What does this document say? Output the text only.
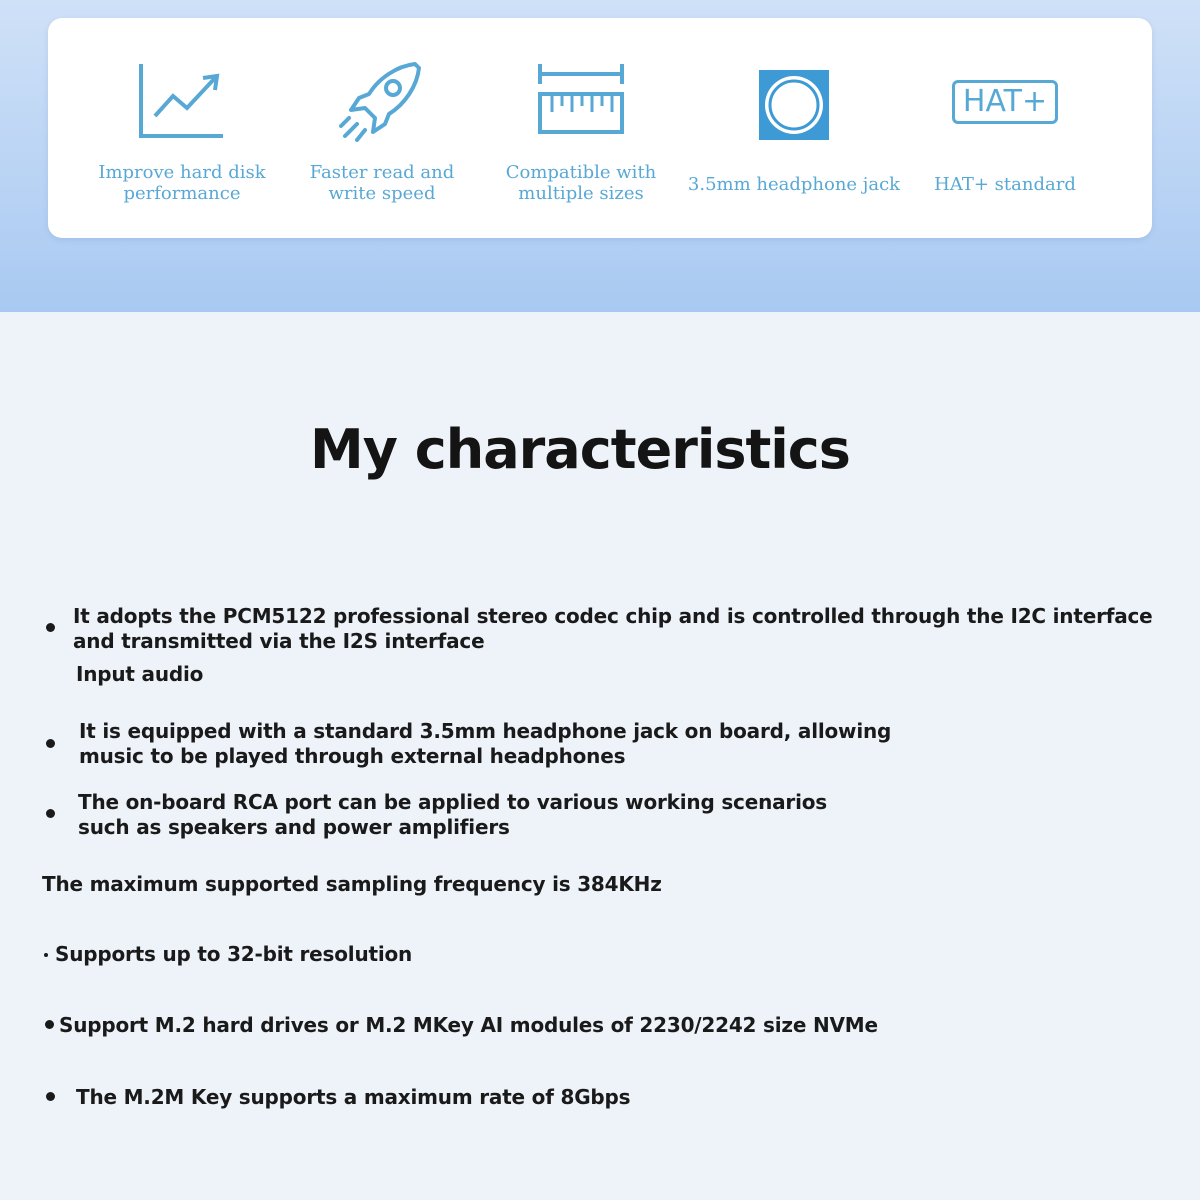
Improve hard disk
performance
Faster read and
write speed
Compatible with
multiple sizes	3.5mm headphone jack
HAT+
HAT+ standard
My characteristics
It adopts the PCM5122 professional stereo codec chip and is controlled through the I2C interface
and transmitted via the I2S interface
Input audio
It is equipped with a standard 3.5mm headphone jack on board, allowing
music to be played through external headphones
The on-board RCA port can be applied to various working scenarios
such as speakers and power amplifiers
The maximum supported sampling frequency is 384KHz
Supports up to 32-bit resolution
Support M.2 hard drives or M.2 MKey AI modules of 2230/2242 size NVMe
The M.2M Key supports a maximum rate of 8Gbps
